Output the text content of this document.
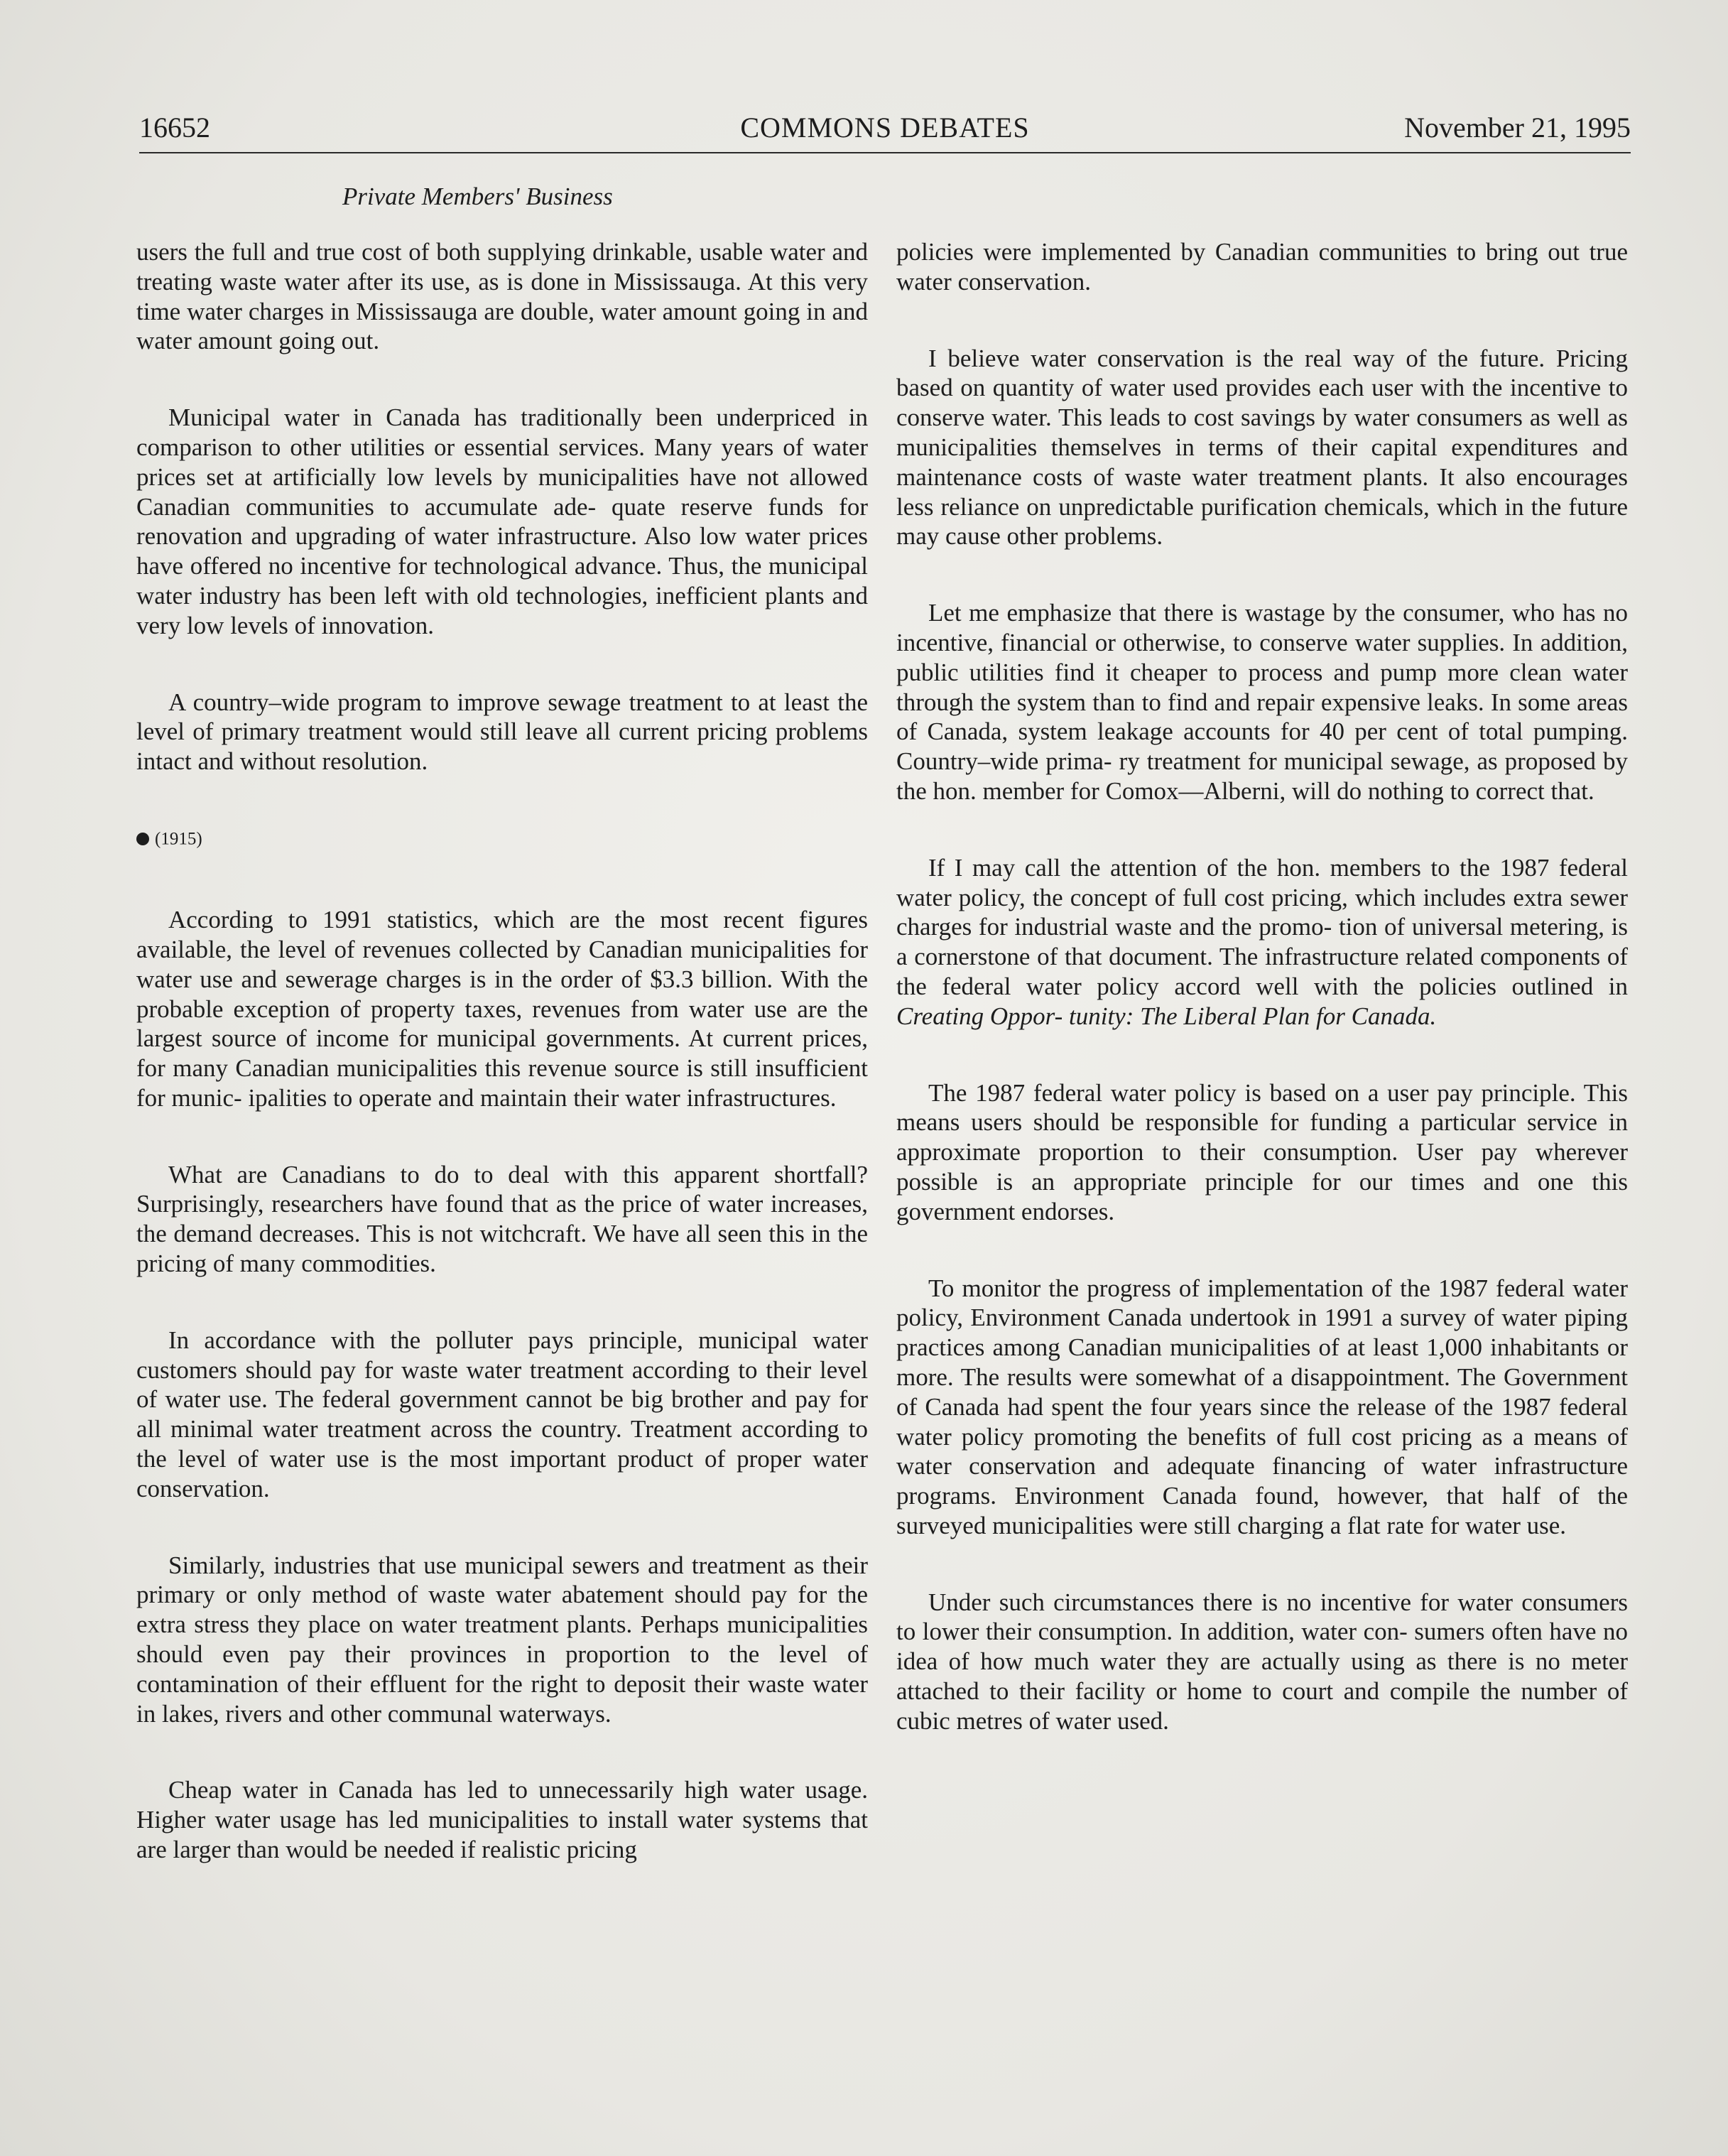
16652	COMMONS DEBATES	November 21, 1995
Private Members' Business

users the full and true cost of both supplying drinkable, usable water and treating waste water after its use, as is done in Mississauga. At this very time water charges in Mississauga are double, water amount going in and water amount going out.

Municipal water in Canada has traditionally been underpriced in comparison to other utilities or essential services. Many years of water prices set at artificially low levels by municipalities have not allowed Canadian communities to accumulate ade- quate reserve funds for renovation and upgrading of water infrastructure. Also low water prices have offered no incentive for technological advance. Thus, the municipal water industry has been left with old technologies, inefficient plants and very low levels of innovation.

A country–wide program to improve sewage treatment to at least the level of primary treatment would still leave all current pricing problems intact and without resolution.

(1915)

According to 1991 statistics, which are the most recent figures available, the level of revenues collected by Canadian municipalities for water use and sewerage charges is in the order of $3.3 billion. With the probable exception of property taxes, revenues from water use are the largest source of income for municipal governments. At current prices, for many Canadian municipalities this revenue source is still insufficient for munic- ipalities to operate and maintain their water infrastructures.

What are Canadians to do to deal with this apparent shortfall? Surprisingly, researchers have found that as the price of water increases, the demand decreases. This is not witchcraft. We have all seen this in the pricing of many commodities.

In accordance with the polluter pays principle, municipal water customers should pay for waste water treatment according to their level of water use. The federal government cannot be big brother and pay for all minimal water treatment across the country. Treatment according to the level of water use is the most important product of proper water conservation.

Similarly, industries that use municipal sewers and treatment as their primary or only method of waste water abatement should pay for the extra stress they place on water treatment plants. Perhaps municipalities should even pay their provinces in proportion to the level of contamination of their effluent for the right to deposit their waste water in lakes, rivers and other communal waterways.

Cheap water in Canada has led to unnecessarily high water usage. Higher water usage has led municipalities to install water systems that are larger than would be needed if realistic pricing

policies were implemented by Canadian communities to bring out true water conservation.

I believe water conservation is the real way of the future. Pricing based on quantity of water used provides each user with the incentive to conserve water. This leads to cost savings by water consumers as well as municipalities themselves in terms of their capital expenditures and maintenance costs of waste water treatment plants. It also encourages less reliance on unpredictable purification chemicals, which in the future may cause other problems.

Let me emphasize that there is wastage by the consumer, who has no incentive, financial or otherwise, to conserve water supplies. In addition, public utilities find it cheaper to process and pump more clean water through the system than to find and repair expensive leaks. In some areas of Canada, system leakage accounts for 40 per cent of total pumping. Country–wide prima- ry treatment for municipal sewage, as proposed by the hon. member for Comox—Alberni, will do nothing to correct that.

If I may call the attention of the hon. members to the 1987 federal water policy, the concept of full cost pricing, which includes extra sewer charges for industrial waste and the promo- tion of universal metering, is a cornerstone of that document. The infrastructure related components of the federal water policy accord well with the policies outlined in Creating Oppor- tunity: The Liberal Plan for Canada.

The 1987 federal water policy is based on a user pay principle. This means users should be responsible for funding a particular service in approximate proportion to their consumption. User pay wherever possible is an appropriate principle for our times and one this government endorses.

To monitor the progress of implementation of the 1987 federal water policy, Environment Canada undertook in 1991 a survey of water piping practices among Canadian municipalities of at least 1,000 inhabitants or more. The results were somewhat of a disappointment. The Government of Canada had spent the four years since the release of the 1987 federal water policy promoting the benefits of full cost pricing as a means of water conservation and adequate financing of water infrastructure programs. Environment Canada found, however, that half of the surveyed municipalities were still charging a flat rate for water use.

Under such circumstances there is no incentive for water consumers to lower their consumption. In addition, water con- sumers often have no idea of how much water they are actually using as there is no meter attached to their facility or home to court and compile the number of cubic metres of water used.
